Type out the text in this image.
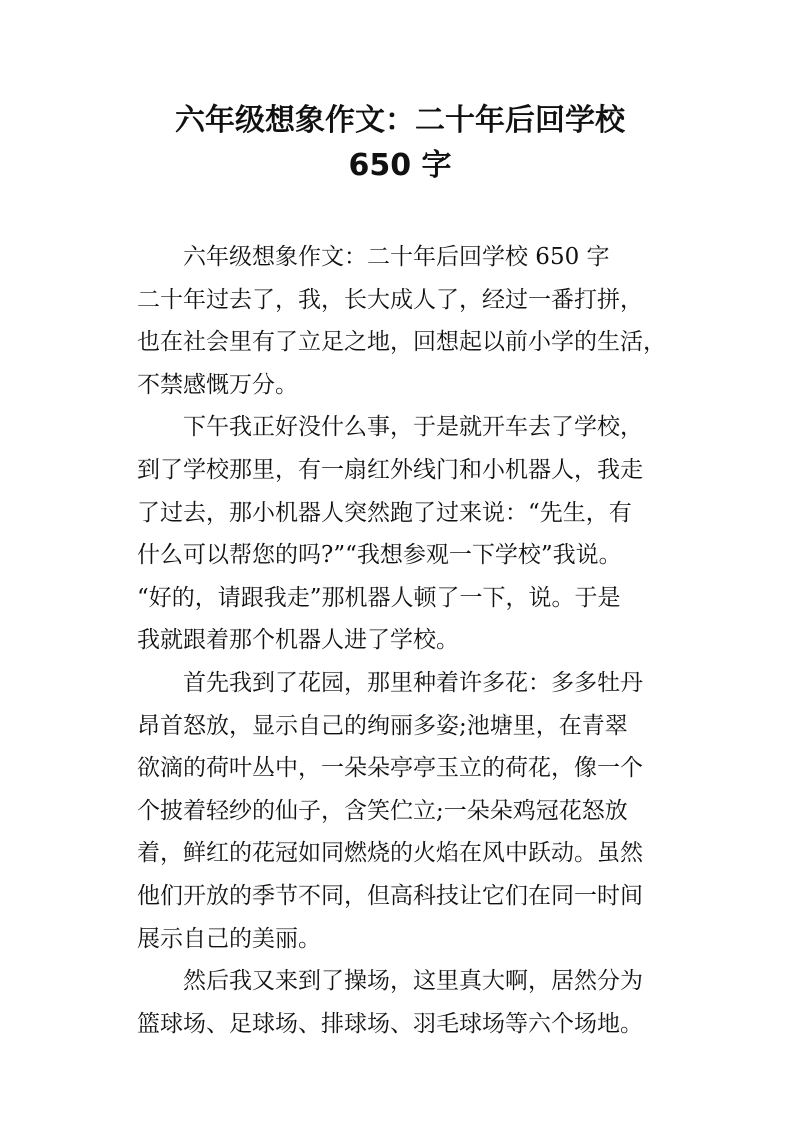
六年级想象作文：二十年后回学校
650 字

六年级想象作文：二十年后回学校 650 字

二十年过去了，我，长大成人了，经过一番打拼，
也在社会里有了立足之地，回想起以前小学的生活，
不禁感慨万分。

下午我正好没什么事，于是就开车去了学校，
到了学校那里，有一扇红外线门和小机器人，我走
了过去，那小机器人突然跑了过来说：“先生，有
什么可以帮您的吗?”“我想参观一下学校”我说。
“好的，请跟我走”那机器人顿了一下，说。于是
我就跟着那个机器人进了学校。

首先我到了花园，那里种着许多花：多多牡丹
昂首怒放，显示自己的绚丽多姿;池塘里，在青翠
欲滴的荷叶丛中，一朵朵亭亭玉立的荷花，像一个
个披着轻纱的仙子，含笑伫立;一朵朵鸡冠花怒放
着，鲜红的花冠如同燃烧的火焰在风中跃动。虽然
他们开放的季节不同，但高科技让它们在同一时间
展示自己的美丽。

然后我又来到了操场，这里真大啊，居然分为
篮球场、足球场、排球场、羽毛球场等六个场地。
